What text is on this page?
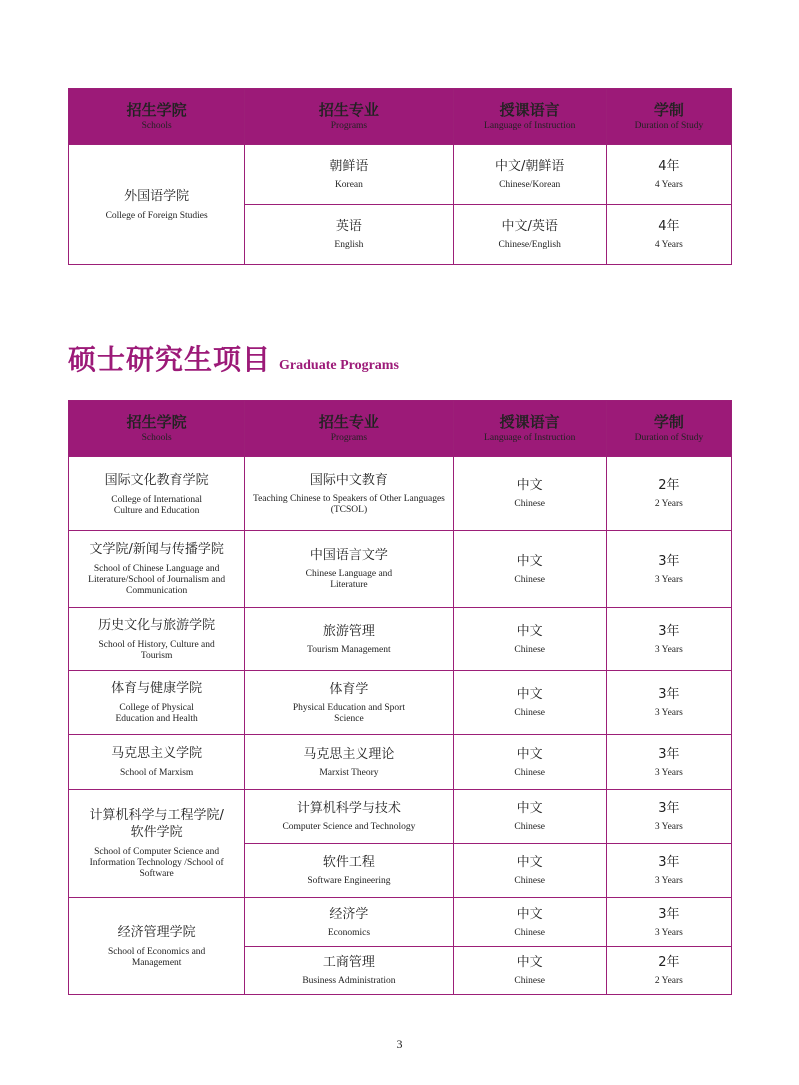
招生学院
Schools	招生专业
Programs	授课语言
Language of Instruction	学制
Duration of Study

外国语学院
College of Foreign Studies	朝鲜语
Korean	中文/朝鲜语
Chinese/Korean	4年
4 Years

	英语
English	中文/英语
Chinese/English	4年
4 Years
硕士研究生项目 Graduate Programs
招生学院
Schools	招生专业
Programs	授课语言
Language of Instruction	学制
Duration of Study

国际文化教育学院
College of International
Culture and Education	国际中文教育
Teaching Chinese to Speakers of Other Languages (TCSOL)	中文
Chinese	2年
2 Years

文学院/新闻与传播学院
School of Chinese Language and Literature/School of Journalism and Communication	中国语言文学
Chinese Language and Literature	中文
Chinese	3年
3 Years

历史文化与旅游学院
School of History, Culture and Tourism	旅游管理
Tourism Management	中文
Chinese	3年
3 Years

体育与健康学院
College of Physical Education and Health	体育学
Physical Education and Sport Science	中文
Chinese	3年
3 Years

马克思主义学院
School of Marxism	马克思主义理论
Marxist Theory	中文
Chinese	3年
3 Years

计算机科学与工程学院/软件学院
School of Computer Science and Information Technology /School of Software	计算机科学与技术
Computer Science and Technology	中文
Chinese	3年
3 Years

	软件工程
Software Engineering	中文
Chinese	3年
3 Years

经济管理学院
School of Economics and Management	经济学
Economics	中文
Chinese	3年
3 Years

	工商管理
Business Administration	中文
Chinese	2年
2 Years
3
